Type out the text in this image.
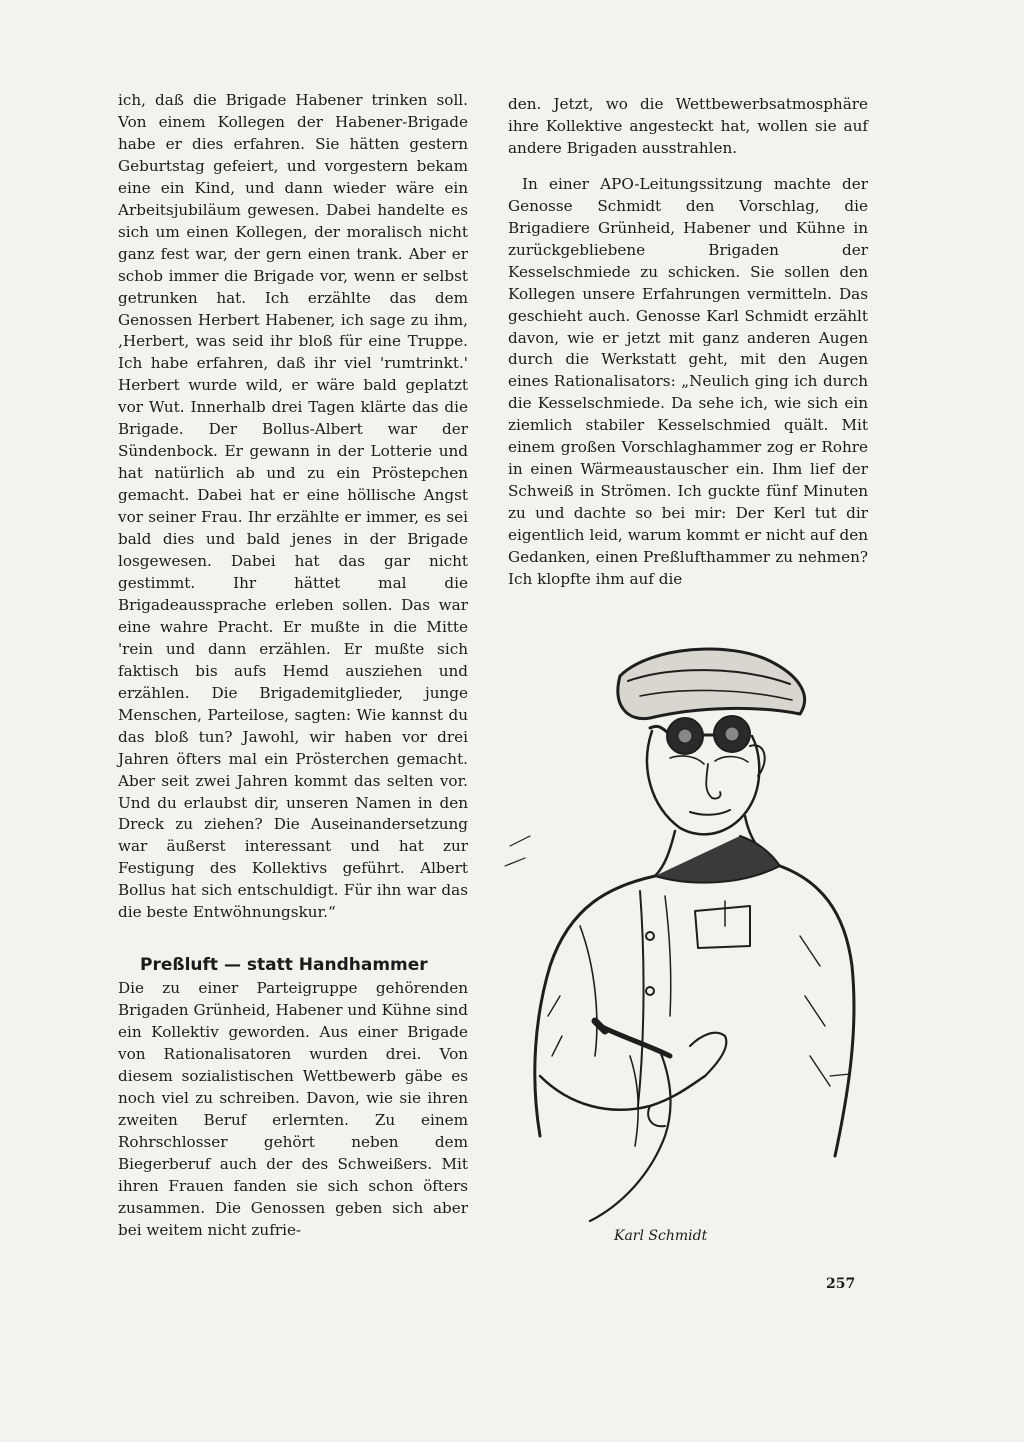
ich, daß die Brigade Habener trinken soll. Von einem Kollegen der Habener-Brigade habe er dies erfahren. Sie hätten gestern Geburtstag gefeiert, und vorgestern bekam eine ein Kind, und dann wieder wäre ein Arbeitsjubiläum gewesen. Dabei handelte es sich um einen Kollegen, der moralisch nicht ganz fest war, der gern einen trank. Aber er schob immer die Brigade vor, wenn er selbst getrunken hat. Ich erzählte das dem Genossen Herbert Habener, ich sage zu ihm, ‚Herbert, was seid ihr bloß für eine Truppe. Ich habe erfahren, daß ihr viel 'rumtrinkt.' Herbert wurde wild, er wäre bald geplatzt vor Wut. Innerhalb drei Tagen klärte das die Brigade. Der Bollus-Albert war der Sündenbock. Er gewann in der Lotterie und hat natürlich ab und zu ein Pröstерchen gemacht. Dabei hat er eine höllische Angst vor seiner Frau. Ihr erzählte er immer, es sei bald dies und bald jenes in der Brigade losgewesen. Dabei hat das gar nicht gestimmt. Ihr hättet mal die Brigadeaussprache erleben sollen. Das war eine wahre Pracht. Er mußte in die Mitte 'rein und dann erzählen. Er mußte sich faktisch bis aufs Hemd ausziehen und erzählen. Die Brigademitglieder, junge Menschen, Parteilose, sagten: Wie kannst du das bloß tun? Jawohl, wir haben vor drei Jahren öfters mal ein Pröstеrchen gemacht. Aber seit zwei Jahren kommt das selten vor. Und du erlaubst dir, unseren Namen in den Dreck zu ziehen? Die Auseinandersetzung war äußerst interessant und hat zur Festigung des Kollektivs geführt. Albert Bollus hat sich entschuldigt. Für ihn war das die beste Entwöhnungskur.“

Preßluft — statt Handhammer

Die zu einer Parteigruppe gehörenden Brigaden Grünheid, Habener und Kühne sind ein Kollektiv geworden. Aus einer Brigade von Rationalisatoren wurden drei. Von diesem sozialistischen Wettbewerb gäbe es noch viel zu schreiben. Davon, wie sie ihren zweiten Beruf erlernten. Zu einem Rohrschlosser gehört neben dem Biegerberuf auch der des Schweißers. Mit ihren Frauen fanden sie sich schon öfters zusammen. Die Genossen geben sich aber bei weitem nicht zufrie-

den. Jetzt, wo die Wettbewerbsatmosphäre ihre Kollektive angesteckt hat, wollen sie auf andere Brigaden ausstrahlen.

In einer APO-Leitungssitzung machte der Genosse Schmidt den Vorschlag, die Brigadiere Grünheid, Habener und Kühne in zurückgebliebene Brigaden der Kesselschmiede zu schicken. Sie sollen den Kollegen unsere Erfahrungen vermitteln. Das geschieht auch. Genosse Karl Schmidt erzählt davon, wie er jetzt mit ganz anderen Augen durch die Werkstatt geht, mit den Augen eines Rationalisators: „Neulich ging ich durch die Kesselschmiede. Da sehe ich, wie sich ein ziemlich stabiler Kesselschmied quält. Mit einem großen Vorschlaghammer zog er Rohre in einen Wärmeaustauscher ein. Ihm lief der Schweiß in Strömen. Ich guckte fünf Minuten zu und dachte so bei mir: Der Kerl tut dir eigentlich leid, warum kommt er nicht auf den Gedanken, einen Preßlufthammer zu nehmen? Ich klopfte ihm auf die

Karl Schmidt
257
